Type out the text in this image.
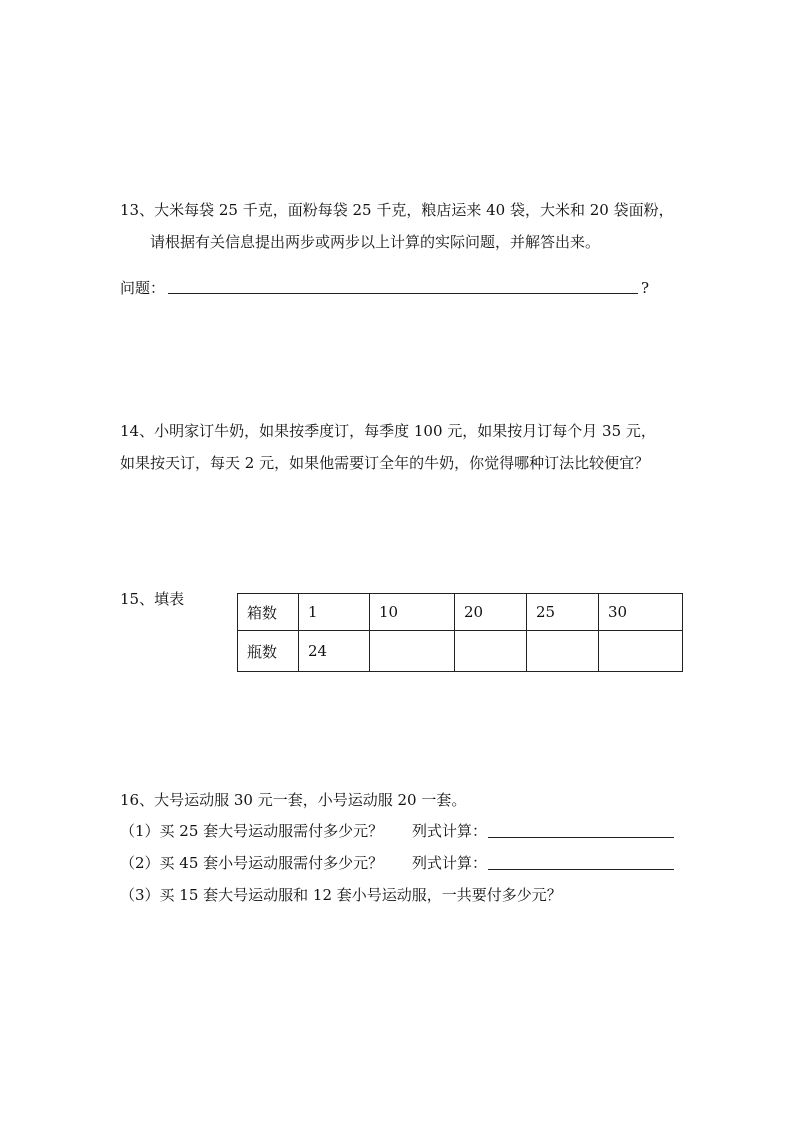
13、大米每袋 25 千克，面粉每袋 25 千克，粮店运来 40 袋，大米和 20 袋面粉，
请根据有关信息提出两步或两步以上计算的实际问题，并解答出来。
问题：	?
14、小明家订牛奶，如果按季度订，每季度 100 元，如果按月订每个月 35 元，
如果按天订，每天 2 元，如果他需要订全年的牛奶，你觉得哪种订法比较便宜？
15、填表
箱数	1	10	20	25	30
瓶数	24				
16、大号运动服 30 元一套，小号运动服 20 一套。
（1）买 25 套大号运动服需付多少元？ 列式计算：
（2）买 45 套小号运动服需付多少元？ 列式计算：
（3）买 15 套大号运动服和 12 套小号运动服，一共要付多少元？
